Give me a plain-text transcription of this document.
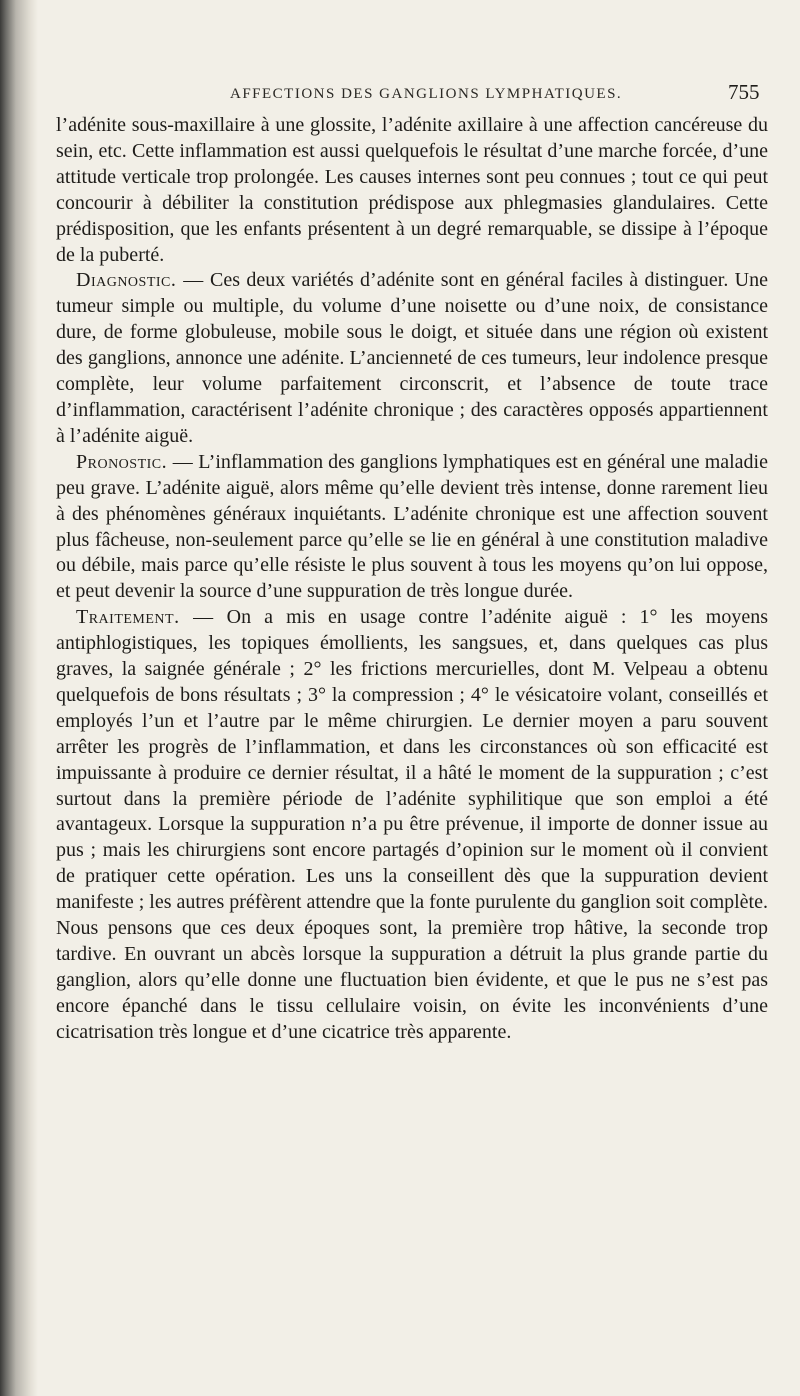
AFFECTIONS DES GANGLIONS LYMPHATIQUES.	755

l’adénite sous-maxillaire à une glossite, l’adénite axillaire à une affection cancéreuse du sein, etc. Cette inflammation est aussi quelquefois le résultat d’une marche forcée, d’une attitude verticale trop prolongée. Les causes internes sont peu connues ; tout ce qui peut concourir à débiliter la constitution prédispose aux phlegmasies glandulaires. Cette prédisposition, que les enfants présentent à un degré remarquable, se dissipe à l’époque de la puberté.

Diagnostic. — Ces deux variétés d’adénite sont en général faciles à distinguer. Une tumeur simple ou multiple, du volume d’une noisette ou d’une noix, de consistance dure, de forme globuleuse, mobile sous le doigt, et située dans une région où existent des ganglions, annonce une adénite. L’ancienneté de ces tumeurs, leur indolence presque complète, leur volume parfaitement circonscrit, et l’absence de toute trace d’inflammation, caractérisent l’adénite chronique ; des caractères opposés appartiennent à l’adénite aiguë.

Pronostic. — L’inflammation des ganglions lymphatiques est en général une maladie peu grave. L’adénite aiguë, alors même qu’elle devient très intense, donne rarement lieu à des phénomènes généraux inquiétants. L’adénite chronique est une affection souvent plus fâcheuse, non-seulement parce qu’elle se lie en général à une constitution maladive ou débile, mais parce qu’elle résiste le plus souvent à tous les moyens qu’on lui oppose, et peut devenir la source d’une suppuration de très longue durée.

Traitement. — On a mis en usage contre l’adénite aiguë : 1° les moyens antiphlogistiques, les topiques émollients, les sangsues, et, dans quelques cas plus graves, la saignée générale ; 2° les frictions mercurielles, dont M. Velpeau a obtenu quelquefois de bons résultats ; 3° la compression ; 4° le vésicatoire volant, conseillés et employés l’un et l’autre par le même chirurgien. Le dernier moyen a paru souvent arrêter les progrès de l’inflammation, et dans les circonstances où son efficacité est impuissante à produire ce dernier résultat, il a hâté le moment de la suppuration ; c’est surtout dans la première période de l’adénite syphilitique que son emploi a été avantageux. Lorsque la suppuration n’a pu être prévenue, il importe de donner issue au pus ; mais les chirurgiens sont encore partagés d’opinion sur le moment où il convient de pratiquer cette opération. Les uns la conseillent dès que la suppuration devient manifeste ; les autres préfèrent attendre que la fonte purulente du ganglion soit complète. Nous pensons que ces deux époques sont, la première trop hâtive, la seconde trop tardive. En ouvrant un abcès lorsque la suppuration a détruit la plus grande partie du ganglion, alors qu’elle donne une fluctuation bien évidente, et que le pus ne s’est pas encore épanché dans le tissu cellulaire voisin, on évite les inconvénients d’une cicatrisation très longue et d’une cicatrice très apparente.
